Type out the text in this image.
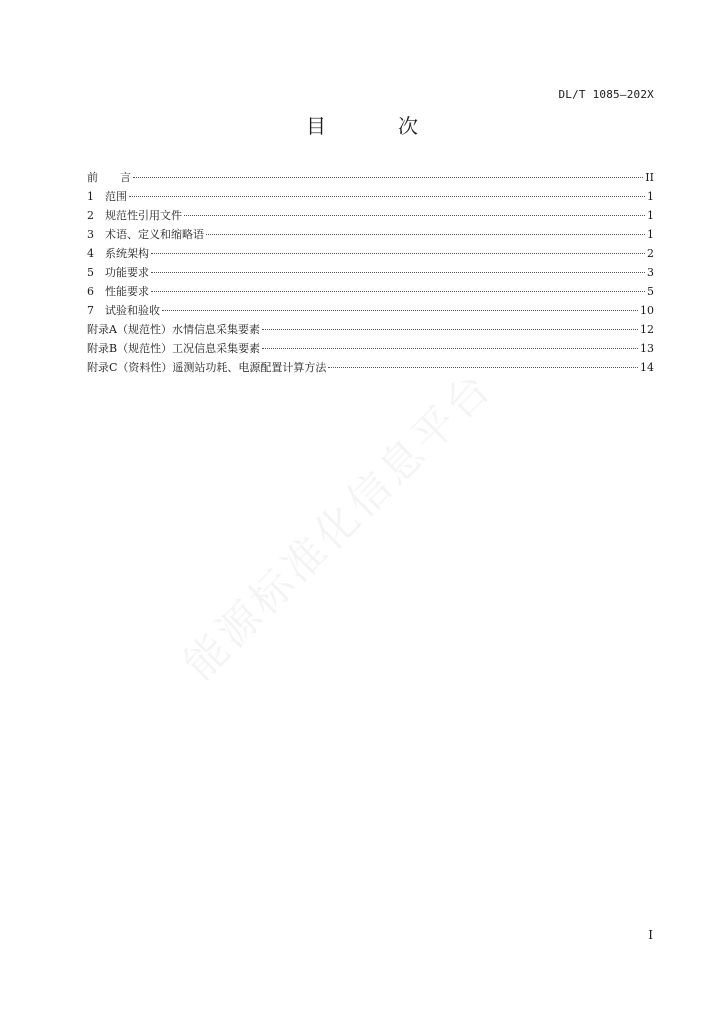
DL/T 1085—202X
目　次
前　　言	II
1　范围	1
2　规范性引用文件	1
3　术语、定义和缩略语	1
4　系统架构	2
5　功能要求	3
6　性能要求	5
7　试验和验收	10
附录A（规范性）水情信息采集要素	12
附录B（规范性）工况信息采集要素	13
附录C（资料性）遥测站功耗、电源配置计算方法	14
I
